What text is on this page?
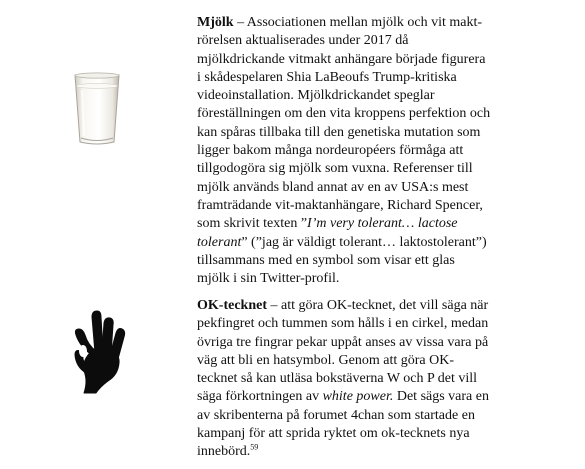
Mjölk – Associationen mellan mjölk och vit makt-
rörelsen aktualiserades under 2017 då
mjölkdrickande vitmakt anhängare började figurera
i skådespelaren Shia LaBeoufs Trump-kritiska
videoinstallation. Mjölkdrickandet speglar
föreställningen om den vita kroppens perfektion och
kan spåras tillbaka till den genetiska mutation som
ligger bakom många nordeuropéers förmåga att
tillgodogöra sig mjölk som vuxna. Referenser till
mjölk används bland annat av en av USA:s mest
framträdande vit-maktanhängare, Richard Spencer,
som skrivit texten ”I’m very tolerant… lactose
tolerant” (”jag är väldigt tolerant… laktostolerant”)
tillsammans med en symbol som visar ett glas
mjölk i sin Twitter-profil.
OK-tecknet – att göra OK-tecknet, det vill säga när
pekfingret och tummen som hålls i en cirkel, medan
övriga tre fingrar pekar uppåt anses av vissa vara på
väg att bli en hatsymbol. Genom att göra OK-
tecknet så kan utläsa bokstäverna W och P det vill
säga förkortningen av white power. Det sägs vara en
av skribenterna på forumet 4chan som startade en
kampanj för att sprida ryktet om ok-tecknets nya
innebörd.$^{59}$
